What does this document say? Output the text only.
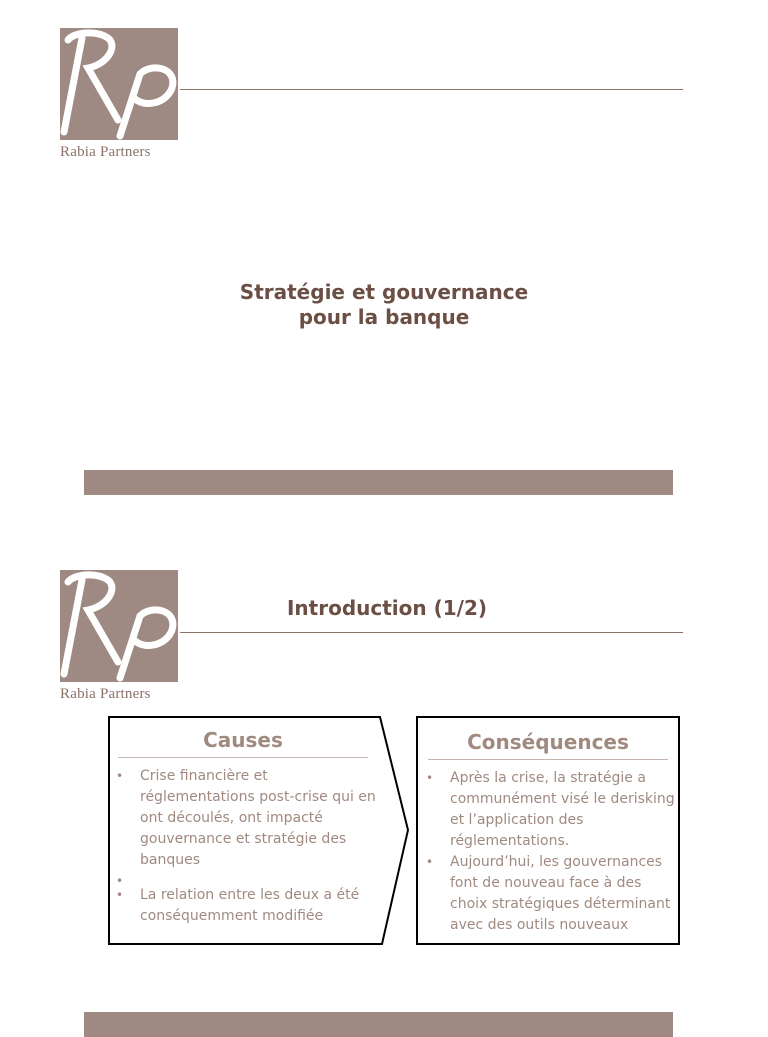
Rabia Partners
Stratégie et gouvernance
pour la banque
Rabia Partners
Introduction (1/2)
Causes
• Crise financière et réglementations post-crise qui en ont découlés, ont impacté gouvernance et stratégie des banques
•
• La relation entre les deux a été conséquemment modifiée
Conséquences
• Après la crise, la stratégie a communément visé le derisking et l’application des réglementations.
• Aujourd’hui, les gouvernances font de nouveau face à des choix stratégiques déterminant avec des outils nouveaux
